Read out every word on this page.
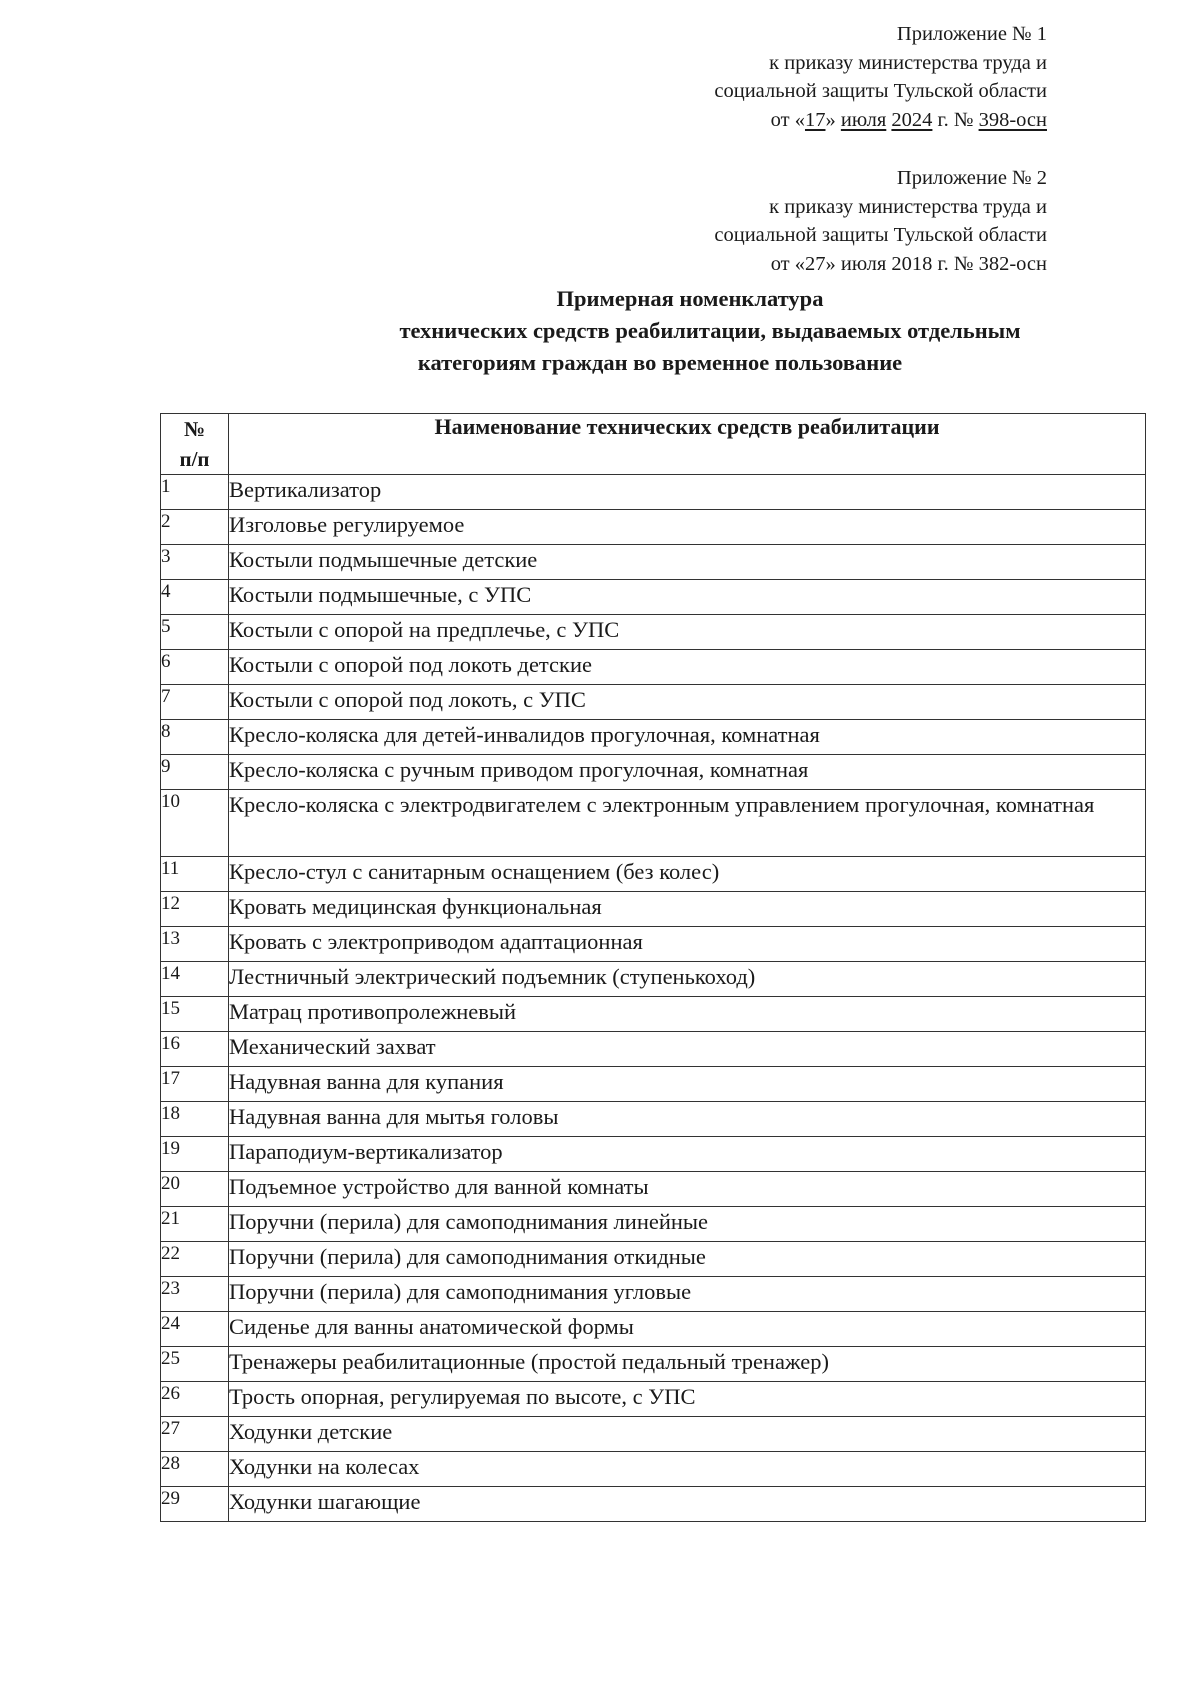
Приложение № 1
к приказу министерства труда и
социальной защиты Тульской области
от «17» июля 2024 г. № 398-осн
Приложение № 2
к приказу министерства труда и
социальной защиты Тульской области
от «27» июля 2018 г. № 382-осн
Примерная номенклатура
технических средств реабилитации, выдаваемых отдельным
категориям граждан во временное пользование
№
п/п	Наименование технических средств реабилитации
1	Вертикализатор
2	Изголовье регулируемое
3	Костыли подмышечные детские
4	Костыли подмышечные, с УПС
5	Костыли с опорой на предплечье, с УПС
6	Костыли с опорой под локоть детские
7	Костыли с опорой под локоть, с УПС
8	Кресло-коляска для детей-инвалидов прогулочная, комнатная
9	Кресло-коляска с ручным приводом прогулочная, комнатная
10	Кресло-коляска с электродвигателем с электронным управлением прогулочная, комнатная
11	Кресло-стул с санитарным оснащением (без колес)
12	Кровать медицинская функциональная
13	Кровать с электроприводом адаптационная
14	Лестничный электрический подъемник (ступенькоход)
15	Матрац противопролежневый
16	Механический захват
17	Надувная ванна для купания
18	Надувная ванна для мытья головы
19	Параподиум-вертикализатор
20	Подъемное устройство для ванной комнаты
21	Поручни (перила) для самоподнимания линейные
22	Поручни (перила) для самоподнимания откидные
23	Поручни (перила) для самоподнимания угловые
24	Сиденье для ванны анатомической формы
25	Тренажеры реабилитационные (простой педальный тренажер)
26	Трость опорная, регулируемая по высоте, с УПС
27	Ходунки детские
28	Ходунки на колесах
29	Ходунки шагающие
